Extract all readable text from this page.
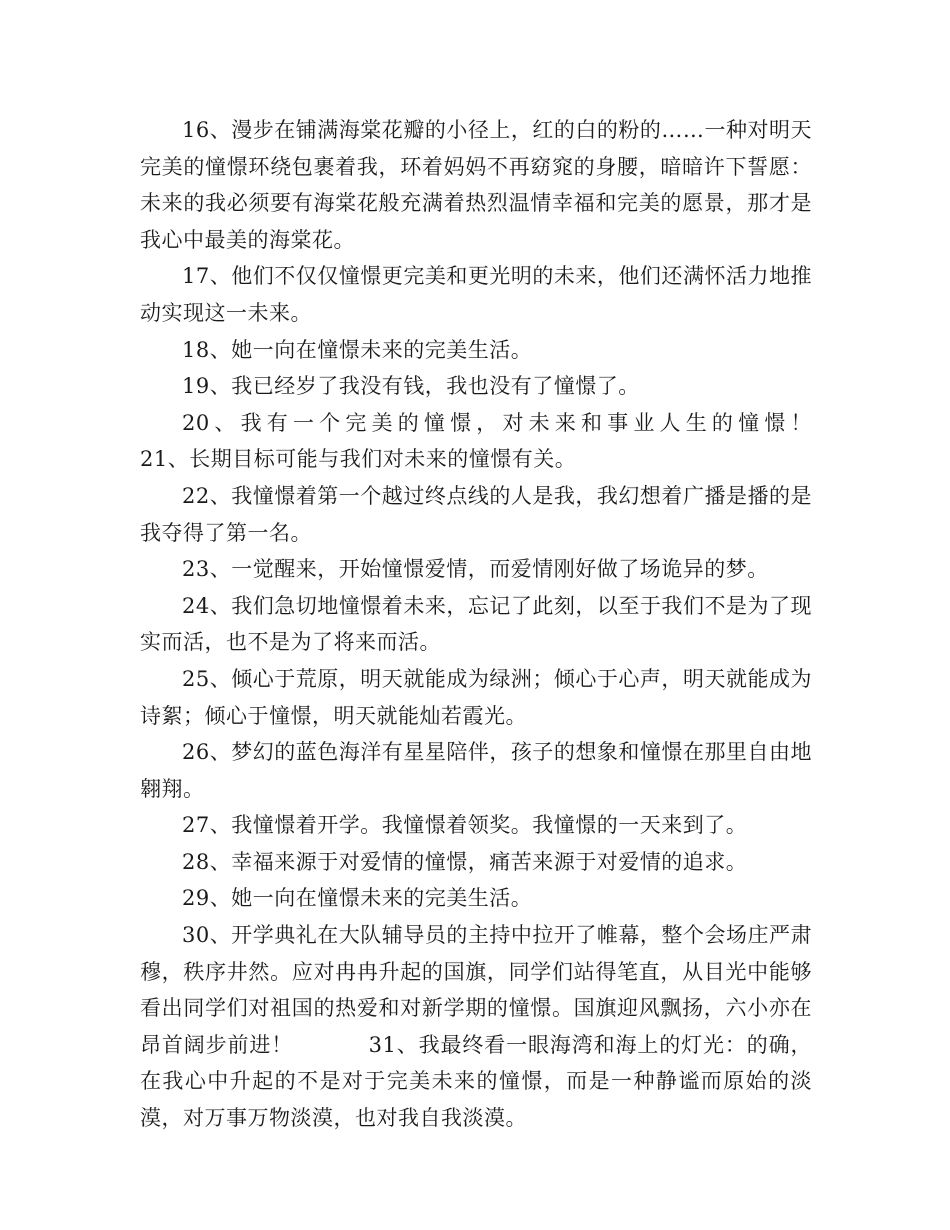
16、漫步在铺满海棠花瓣的小径上，红的白的粉的……一种对明天完美的憧憬环绕包裹着我，环着妈妈不再窈窕的身腰，暗暗许下誓愿：未来的我必须要有海棠花般充满着热烈温情幸福和完美的愿景，那才是我心中最美的海棠花。

17、他们不仅仅憧憬更完美和更光明的未来，他们还满怀活力地推动实现这一未来。

18、她一向在憧憬未来的完美生活。

19、我已经岁了我没有钱，我也没有了憧憬了。

20、我有一个完美的憧憬，对未来和事业人生的憧憬！          21、长期目标可能与我们对未来的憧憬有关。

22、我憧憬着第一个越过终点线的人是我，我幻想着广播是播的是我夺得了第一名。

23、一觉醒来，开始憧憬爱情，而爱情刚好做了场诡异的梦。

24、我们急切地憧憬着未来，忘记了此刻，以至于我们不是为了现实而活，也不是为了将来而活。

25、倾心于荒原，明天就能成为绿洲；倾心于心声，明天就能成为诗絮；倾心于憧憬，明天就能灿若霞光。

26、梦幻的蓝色海洋有星星陪伴，孩子的想象和憧憬在那里自由地翱翔。

27、我憧憬着开学。我憧憬着领奖。我憧憬的一天来到了。

28、幸福来源于对爱情的憧憬，痛苦来源于对爱情的追求。

29、她一向在憧憬未来的完美生活。

30、开学典礼在大队辅导员的主持中拉开了帷幕，整个会场庄严肃穆，秩序井然。应对冉冉升起的国旗，同学们站得笔直，从目光中能够看出同学们对祖国的热爱和对新学期的憧憬。国旗迎风飘扬，六小亦在昂首阔步前进！          31、我最终看一眼海湾和海上的灯光：的确，在我心中升起的不是对于完美未来的憧憬，而是一种静谧而原始的淡漠，对万事万物淡漠，也对我自我淡漠。
